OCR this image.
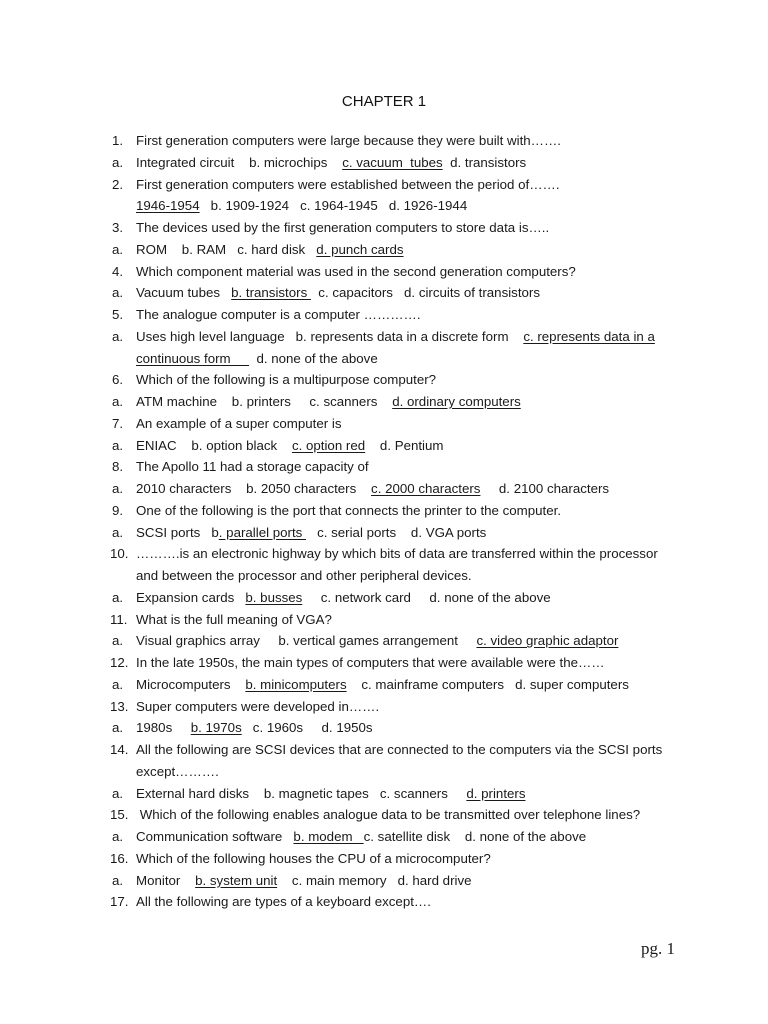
CHAPTER 1
1. First generation computers were large because they were built with…….
a. Integrated circuit    b. microchips    c. vacuum  tubes  d. transistors
2. First generation computers were established between the period of…….
1946-1954   b. 1909-1924   c. 1964-1945   d. 1926-1944
3. The devices used by the first generation computers to store data is…..
a. ROM    b. RAM   c. hard disk   d. punch cards
4. Which component material was used in the second generation computers?
a. Vacuum tubes   b. transistors   c. capacitors   d. circuits of transistors
5. The analogue computer is a computer ………….
a. Uses high level language   b. represents data in a discrete form    c. represents data in a
continuous form       d. none of the above
6. Which of the following is a multipurpose computer?
a. ATM machine    b. printers     c. scanners    d. ordinary computers
7. An example of a super computer is
a. ENIAC    b. option black    c. option red    d. Pentium
8. The Apollo 11 had a storage capacity of
a. 2010 characters    b. 2050 characters    c. 2000 characters     d. 2100 characters
9. One of the following is the port that connects the printer to the computer.
a. SCSI ports   b. parallel ports    c. serial ports    d. VGA ports
10. ……….is an electronic highway by which bits of data are transferred within the processor
and between the processor and other peripheral devices.
a. Expansion cards   b. busses     c. network card     d. none of the above
11. What is the full meaning of VGA?
a. Visual graphics array     b. vertical games arrangement     c. video graphic adaptor
12. In the late 1950s, the main types of computers that were available were the……
a. Microcomputers    b. minicomputers    c. mainframe computers   d. super computers
13. Super computers were developed in…….
a. 1980s     b. 1970s   c. 1960s     d. 1950s
14. All the following are SCSI devices that are connected to the computers via the SCSI ports
except……….
a. External hard disks    b. magnetic tapes   c. scanners     d. printers
15. Which of the following enables analogue data to be transmitted over telephone lines?
a. Communication software   b. modem   c. satellite disk    d. none of the above
16. Which of the following houses the CPU of a microcomputer?
a. Monitor    b. system unit    c. main memory   d. hard drive
17. All the following are types of a keyboard except….
pg. 1
